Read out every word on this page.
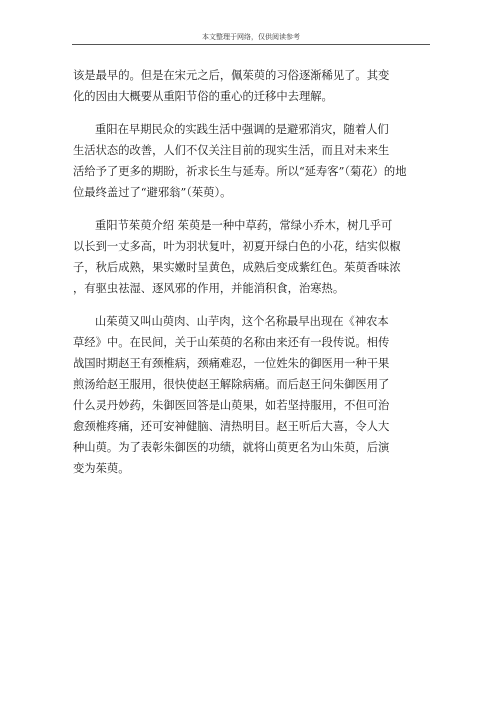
本文整理于网络，仅供阅读参考
该是最早的。但是在宋元之后，佩茱萸的习俗逐渐稀见了。其变
化的因由大概要从重阳节俗的重心的迁移中去理解。
重阳在早期民众的实践生活中强调的是避邪消灾，随着人们
生活状态的改善，人们不仅关注目前的现实生活，而且对未来生
活给予了更多的期盼，祈求长生与延寿。所以“延寿客”（菊花）的地
位最终盖过了“避邪翁”（茱萸）。
重阳节茱萸介绍 茱萸是一种中草药，常绿小乔木，树几乎可
以长到一丈多高，叶为羽状复叶，初夏开绿白色的小花，结实似椒
子，秋后成熟，果实嫩时呈黄色，成熟后变成紫红色。茱萸香味浓
，有驱虫祛湿、逐风邪的作用，并能消积食，治寒热。
山茱萸又叫山萸肉、山芋肉，这个名称最早出现在《神农本
草经》中。在民间，关于山茱萸的名称由来还有一段传说。相传
战国时期赵王有颈椎病，颈痛难忍，一位姓朱的御医用一种干果
煎汤给赵王服用，很快使赵王解除病痛。而后赵王问朱御医用了
什么灵丹妙药，朱御医回答是山萸果，如若坚持服用，不但可治
愈颈椎疼痛，还可安神健脑、清热明目。赵王听后大喜，令人大
种山萸。为了表彰朱御医的功绩，就将山萸更名为山朱萸，后演
变为茱萸。
